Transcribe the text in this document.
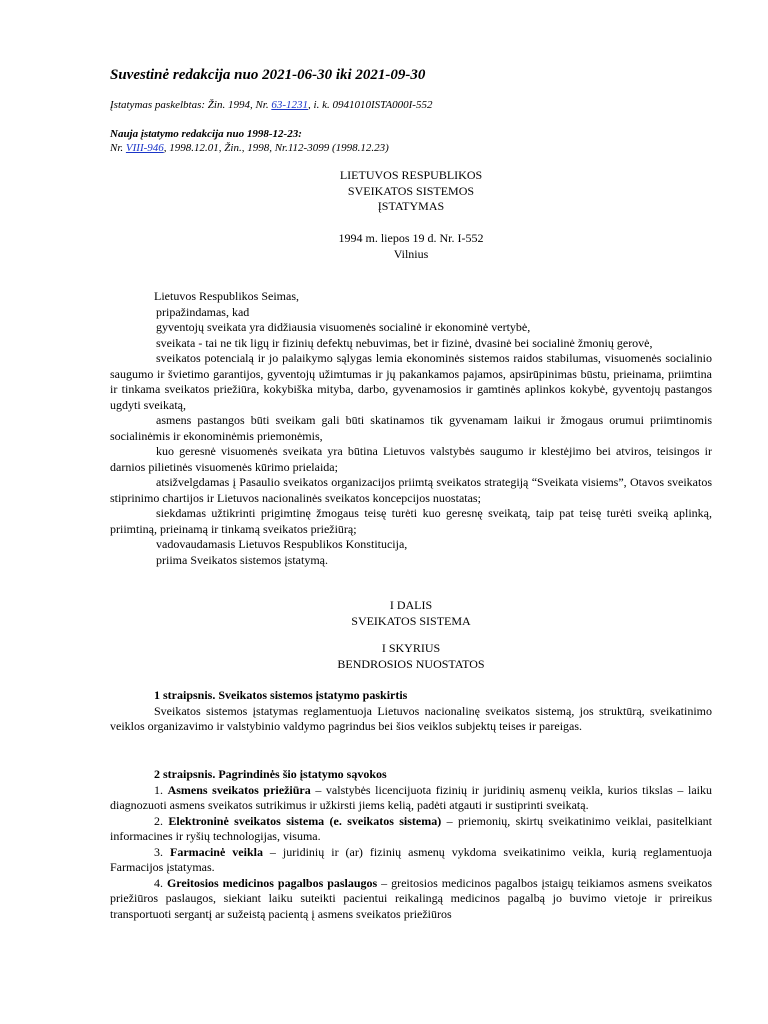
Suvestinė redakcija nuo 2021-06-30 iki 2021-09-30
Įstatymas paskelbtas: Žin. 1994, Nr. 63-1231, i. k. 0941010ISTA000I-552
Nauja įstatymo redakcija nuo 1998-12-23:
Nr. VIII-946, 1998.12.01, Žin., 1998, Nr.112-3099 (1998.12.23)
LIETUVOS RESPUBLIKOS
SVEIKATOS SISTEMOS
ĮSTATYMAS
1994 m. liepos 19 d. Nr. I-552
Vilnius

Lietuvos Respublikos Seimas,

pripažindamas, kad

gyventojų sveikata yra didžiausia visuomenės socialinė ir ekonominė vertybė,

sveikata - tai ne tik ligų ir fizinių defektų nebuvimas, bet ir fizinė, dvasinė bei socialinė žmonių gerovė,

sveikatos potencialą ir jo palaikymo sąlygas lemia ekonominės sistemos raidos stabilumas, visuomenės socialinio saugumo ir švietimo garantijos, gyventojų užimtumas ir jų pakankamos pajamos, apsirūpinimas būstu, prieinama, priimtina ir tinkama sveikatos priežiūra, kokybiška mityba, darbo, gyvenamosios ir gamtinės aplinkos kokybė, gyventojų pastangos ugdyti sveikatą,

asmens pastangos būti sveikam gali būti skatinamos tik gyvenamam laikui ir žmogaus orumui priimtinomis socialinėmis ir ekonominėmis priemonėmis,

kuo geresnė visuomenės sveikata yra būtina Lietuvos valstybės saugumo ir klestėjimo bei atviros, teisingos ir darnios pilietinės visuomenės kūrimo prielaida;

atsižvelgdamas į Pasaulio sveikatos organizacijos priimtą sveikatos strategiją “Sveikata visiems”, Otavos sveikatos stiprinimo chartijos ir Lietuvos nacionalinės sveikatos koncepcijos nuostatas;

siekdamas užtikrinti prigimtinę žmogaus teisę turėti kuo geresnę sveikatą, taip pat teisę turėti sveiką aplinką, priimtiną, prieinamą ir tinkamą sveikatos priežiūrą;

vadovaudamasis Lietuvos Respublikos Konstitucija,

priima Sveikatos sistemos įstatymą.

I DALIS
SVEIKATOS SISTEMA
I SKYRIUS
BENDROSIOS NUOSTATOS

1 straipsnis. Sveikatos sistemos įstatymo paskirtis

Sveikatos sistemos įstatymas reglamentuoja Lietuvos nacionalinę sveikatos sistemą, jos struktūrą, sveikatinimo veiklos organizavimo ir valstybinio valdymo pagrindus bei šios veiklos subjektų teises ir pareigas.

2 straipsnis. Pagrindinės šio įstatymo sąvokos

1. Asmens sveikatos priežiūra – valstybės licencijuota fizinių ir juridinių asmenų veikla, kurios tikslas – laiku diagnozuoti asmens sveikatos sutrikimus ir užkirsti jiems kelią, padėti atgauti ir sustiprinti sveikatą.

2. Elektroninė sveikatos sistema (e. sveikatos sistema) – priemonių, skirtų sveikatinimo veiklai, pasitelkiant informacines ir ryšių technologijas, visuma.

3. Farmacinė veikla – juridinių ir (ar) fizinių asmenų vykdoma sveikatinimo veikla, kurią reglamentuoja Farmacijos įstatymas.

4. Greitosios medicinos pagalbos paslaugos – greitosios medicinos pagalbos įstaigų teikiamos asmens sveikatos priežiūros paslaugos, siekiant laiku suteikti pacientui reikalingą medicinos pagalbą jo buvimo vietoje ir prireikus transportuoti sergantį ar sužeistą pacientą į asmens sveikatos priežiūros
